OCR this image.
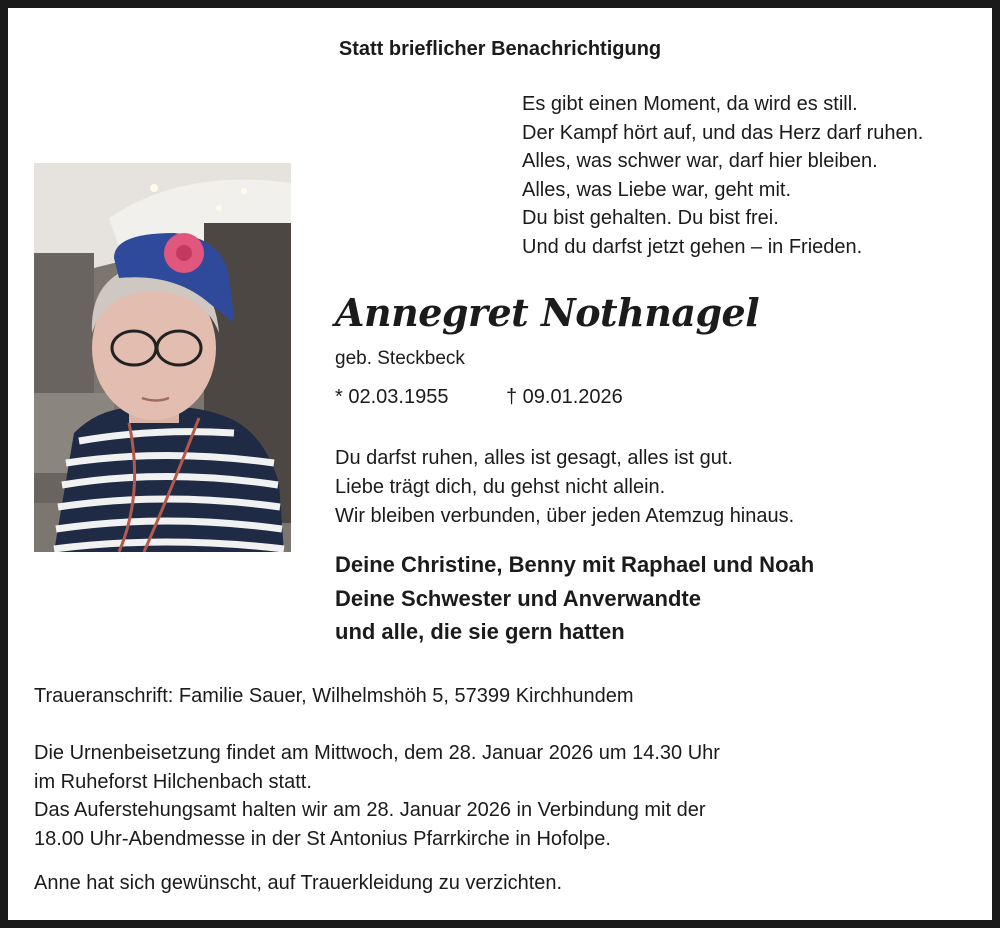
Statt brieflicher Benachrichtigung
Es gibt einen Moment, da wird es still.
Der Kampf hört auf, und das Herz darf ruhen.
Alles, was schwer war, darf hier bleiben.
Alles, was Liebe war, geht mit.
Du bist gehalten. Du bist frei.
Und du darfst jetzt gehen – in Frieden.
Annegret Nothnagel
geb. Steckbeck
* 02.03.1955	† 09.01.2026
Du darfst ruhen, alles ist gesagt, alles ist gut.
Liebe trägt dich, du gehst nicht allein.
Wir bleiben verbunden, über jeden Atemzug hinaus.
Deine Christine, Benny mit Raphael und Noah
Deine Schwester und Anverwandte
und alle, die sie gern hatten
Traueranschrift: Familie Sauer, Wilhelmshöh 5, 57399 Kirchhundem
Die Urnenbeisetzung findet am Mittwoch, dem 28. Januar 2026 um 14.30 Uhr
im Ruheforst Hilchenbach statt.
Das Auferstehungsamt halten wir am 28. Januar 2026 in Verbindung mit der
18.00 Uhr-Abendmesse in der St Antonius Pfarrkirche in Hofolpe.
Anne hat sich gewünscht, auf Trauerkleidung zu verzichten.
